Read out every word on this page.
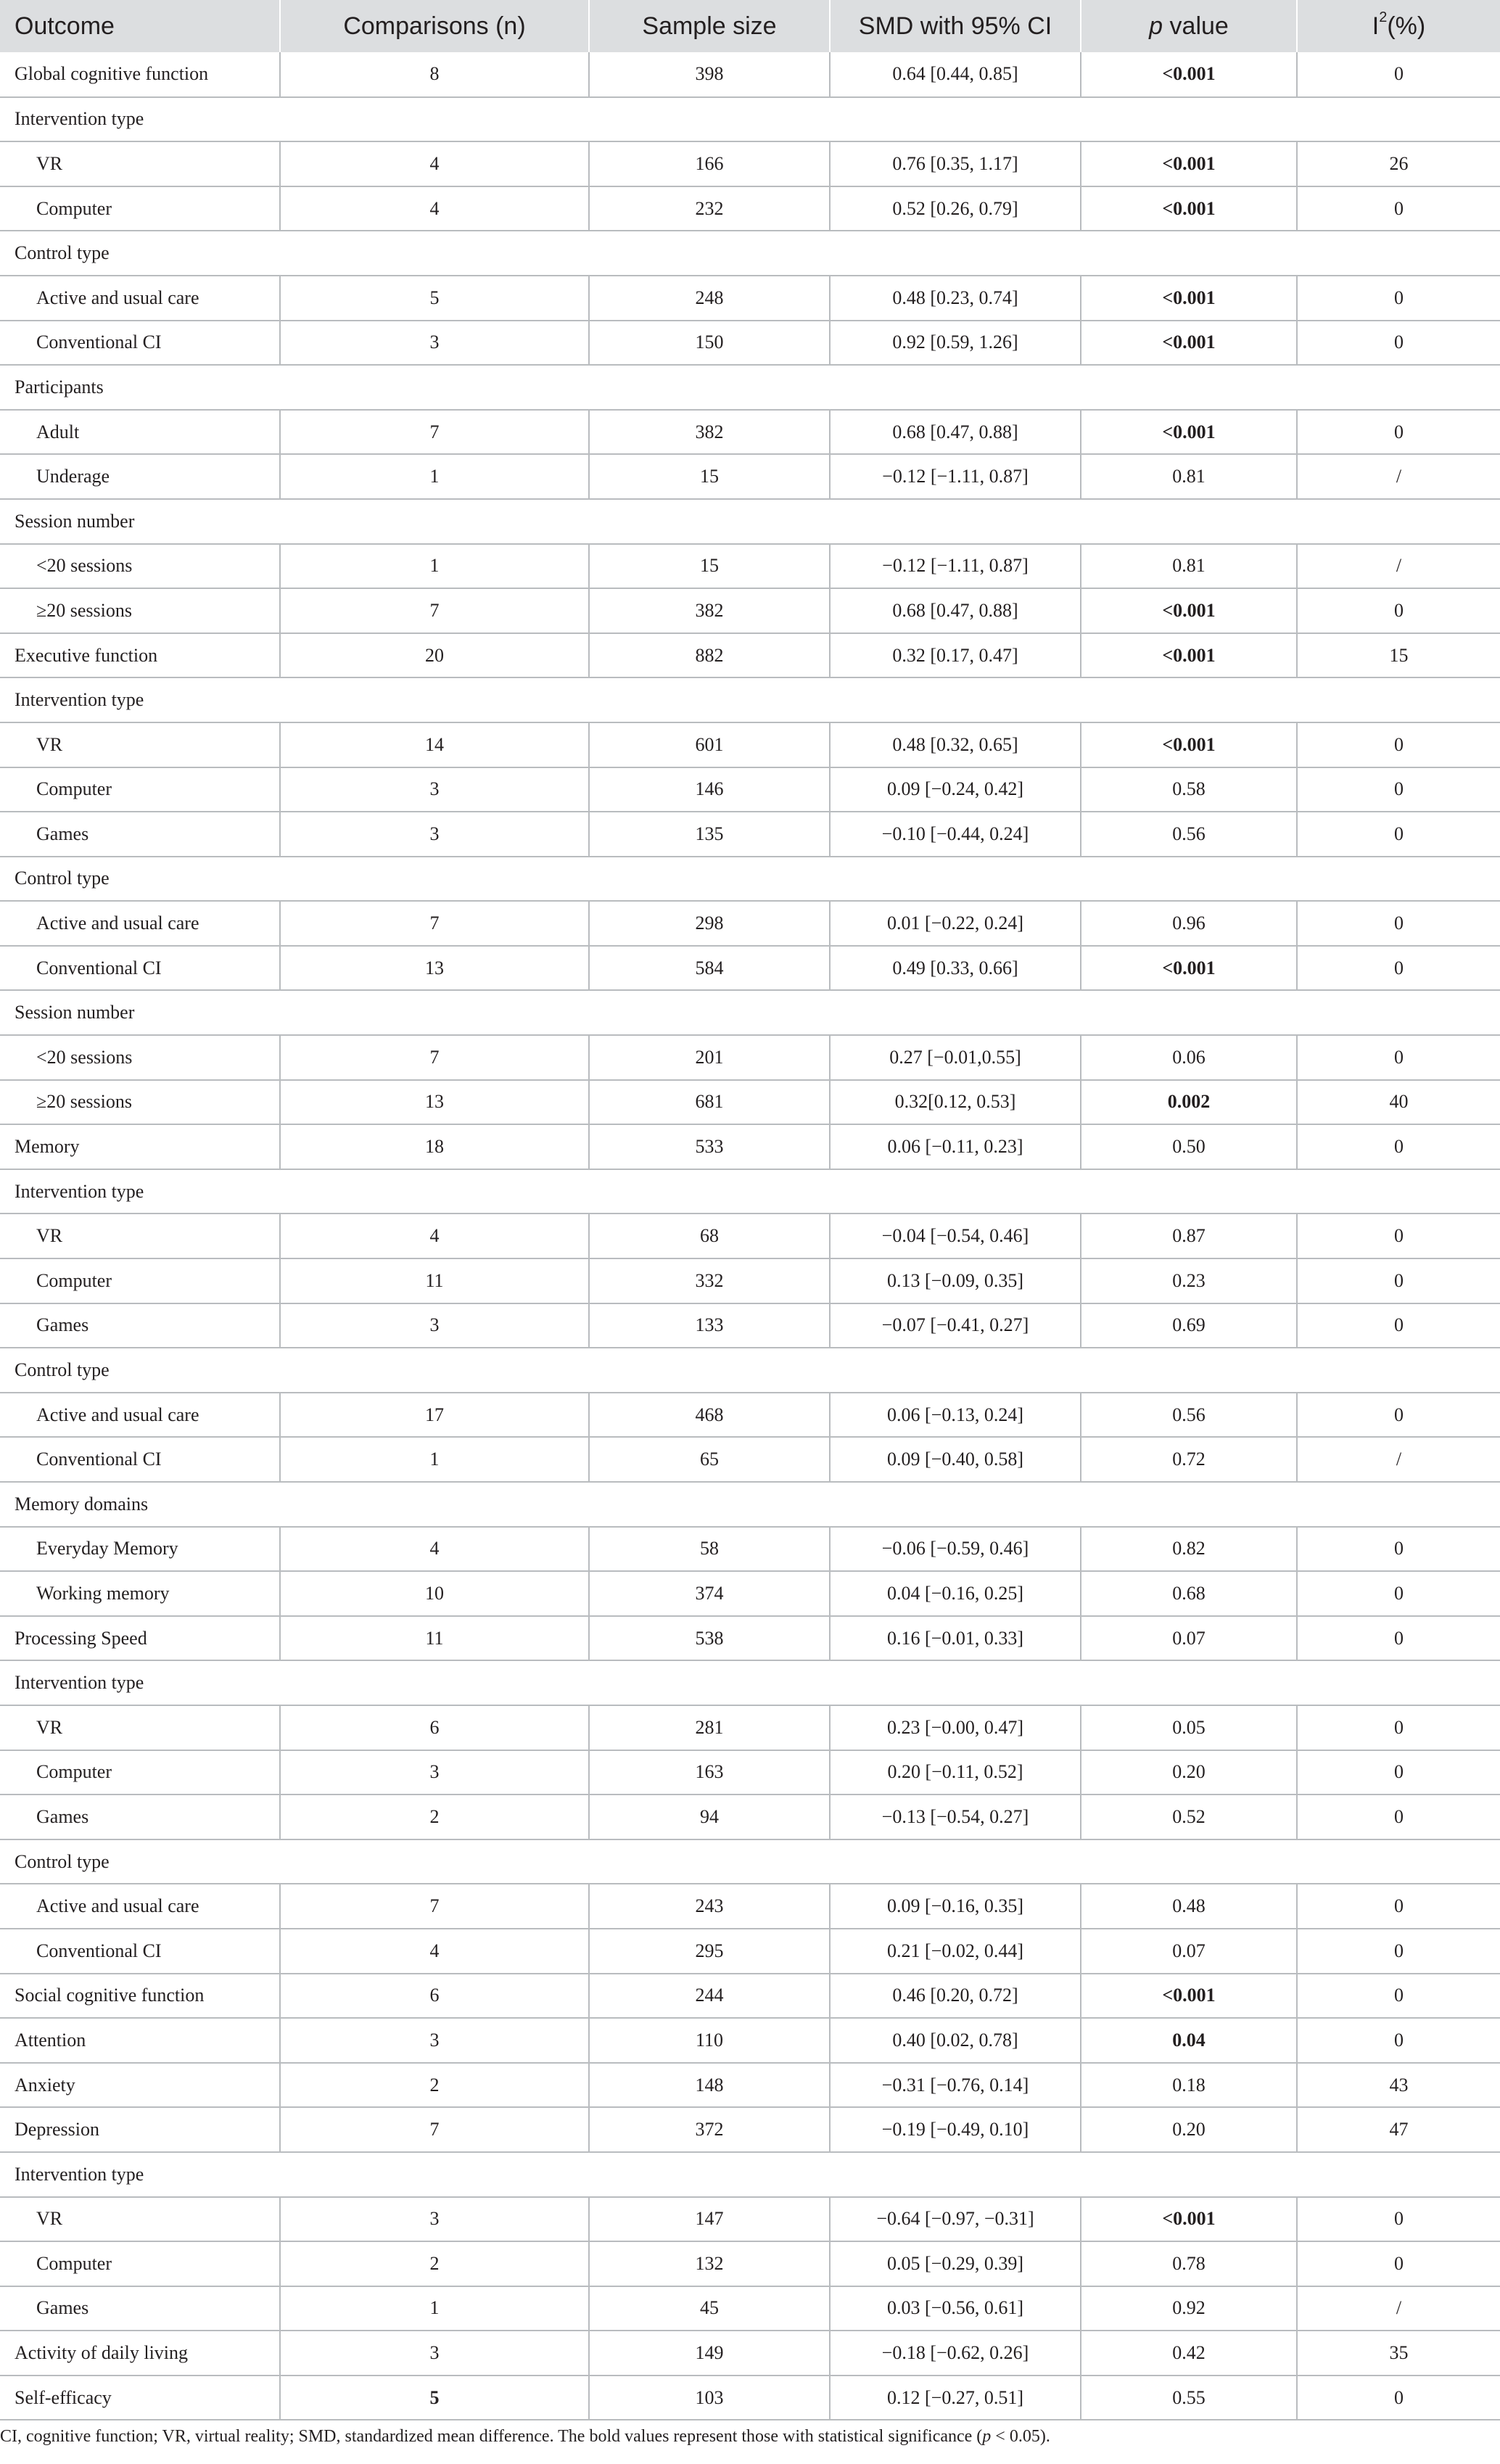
Outcome	Comparisons (n)	Sample size	SMD with 95% CI	p value	$I^2(\%)$
Global cognitive function	8	398	0.64 [0.44, 0.85]	<0.001	0
Intervention type					
VR	4	166	0.76 [0.35, 1.17]	<0.001	26
Computer	4	232	0.52 [0.26, 0.79]	<0.001	0
Control type					
Active and usual care	5	248	0.48 [0.23, 0.74]	<0.001	0
Conventional CI	3	150	0.92 [0.59, 1.26]	<0.001	0
Participants					
Adult	7	382	0.68 [0.47, 0.88]	<0.001	0
Underage	1	15	−0.12 [−1.11, 0.87]	0.81	/
Session number					
<20 sessions	1	15	−0.12 [−1.11, 0.87]	0.81	/
≥20 sessions	7	382	0.68 [0.47, 0.88]	<0.001	0
Executive function	20	882	0.32 [0.17, 0.47]	<0.001	15
Intervention type					
VR	14	601	0.48 [0.32, 0.65]	<0.001	0
Computer	3	146	0.09 [−0.24, 0.42]	0.58	0
Games	3	135	−0.10 [−0.44, 0.24]	0.56	0
Control type					
Active and usual care	7	298	0.01 [−0.22, 0.24]	0.96	0
Conventional CI	13	584	0.49 [0.33, 0.66]	<0.001	0
Session number					
<20 sessions	7	201	0.27 [−0.01,0.55]	0.06	0
≥20 sessions	13	681	0.32[0.12, 0.53]	0.002	40
Memory	18	533	0.06 [−0.11, 0.23]	0.50	0
Intervention type					
VR	4	68	−0.04 [−0.54, 0.46]	0.87	0
Computer	11	332	0.13 [−0.09, 0.35]	0.23	0
Games	3	133	−0.07 [−0.41, 0.27]	0.69	0
Control type					
Active and usual care	17	468	0.06 [−0.13, 0.24]	0.56	0
Conventional CI	1	65	0.09 [−0.40, 0.58]	0.72	/
Memory domains					
Everyday Memory	4	58	−0.06 [−0.59, 0.46]	0.82	0
Working memory	10	374	0.04 [−0.16, 0.25]	0.68	0
Processing Speed	11	538	0.16 [−0.01, 0.33]	0.07	0
Intervention type					
VR	6	281	0.23 [−0.00, 0.47]	0.05	0
Computer	3	163	0.20 [−0.11, 0.52]	0.20	0
Games	2	94	−0.13 [−0.54, 0.27]	0.52	0
Control type					
Active and usual care	7	243	0.09 [−0.16, 0.35]	0.48	0
Conventional CI	4	295	0.21 [−0.02, 0.44]	0.07	0
Social cognitive function	6	244	0.46 [0.20, 0.72]	<0.001	0
Attention	3	110	0.40 [0.02, 0.78]	0.04	0
Anxiety	2	148	−0.31 [−0.76, 0.14]	0.18	43
Depression	7	372	−0.19 [−0.49, 0.10]	0.20	47
Intervention type					
VR	3	147	−0.64 [−0.97, −0.31]	<0.001	0
Computer	2	132	0.05 [−0.29, 0.39]	0.78	0
Games	1	45	0.03 [−0.56, 0.61]	0.92	/
Activity of daily living	3	149	−0.18 [−0.62, 0.26]	0.42	35
Self-efficacy	5	103	0.12 [−0.27, 0.51]	0.55	0
CI, cognitive function; VR, virtual reality; SMD, standardized mean difference. The bold values represent those with statistical significance (p < 0.05).
